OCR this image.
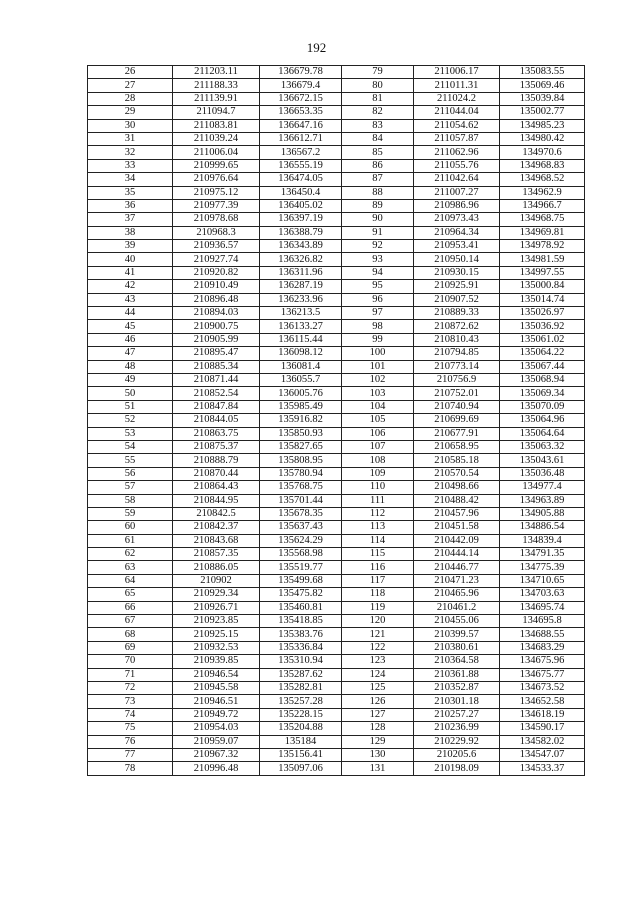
192
26	211203.11	136679.78	79	211006.17	135083.55
27	211188.33	136679.4	80	211011.31	135069.46
28	211139.91	136672.15	81	211024.2	135039.84
29	211094.7	136653.35	82	211044.04	135002.77
30	211083.81	136647.16	83	211054.62	134985.23
31	211039.24	136612.71	84	211057.87	134980.42
32	211006.04	136567.2	85	211062.96	134970.6
33	210999.65	136555.19	86	211055.76	134968.83
34	210976.64	136474.05	87	211042.64	134968.52
35	210975.12	136450.4	88	211007.27	134962.9
36	210977.39	136405.02	89	210986.96	134966.7
37	210978.68	136397.19	90	210973.43	134968.75
38	210968.3	136388.79	91	210964.34	134969.81
39	210936.57	136343.89	92	210953.41	134978.92
40	210927.74	136326.82	93	210950.14	134981.59
41	210920.82	136311.96	94	210930.15	134997.55
42	210910.49	136287.19	95	210925.91	135000.84
43	210896.48	136233.96	96	210907.52	135014.74
44	210894.03	136213.5	97	210889.33	135026.97
45	210900.75	136133.27	98	210872.62	135036.92
46	210905.99	136115.44	99	210810.43	135061.02
47	210895.47	136098.12	100	210794.85	135064.22
48	210885.34	136081.4	101	210773.14	135067.44
49	210871.44	136055.7	102	210756.9	135068.94
50	210852.54	136005.76	103	210752.01	135069.34
51	210847.84	135985.49	104	210740.94	135070.09
52	210844.05	135916.82	105	210699.69	135064.96
53	210863.75	135850.93	106	210677.91	135064.64
54	210875.37	135827.65	107	210658.95	135063.32
55	210888.79	135808.95	108	210585.18	135043.61
56	210870.44	135780.94	109	210570.54	135036.48
57	210864.43	135768.75	110	210498.66	134977.4
58	210844.95	135701.44	111	210488.42	134963.89
59	210842.5	135678.35	112	210457.96	134905.88
60	210842.37	135637.43	113	210451.58	134886.54
61	210843.68	135624.29	114	210442.09	134839.4
62	210857.35	135568.98	115	210444.14	134791.35
63	210886.05	135519.77	116	210446.77	134775.39
64	210902	135499.68	117	210471.23	134710.65
65	210929.34	135475.82	118	210465.96	134703.63
66	210926.71	135460.81	119	210461.2	134695.74
67	210923.85	135418.85	120	210455.06	134695.8
68	210925.15	135383.76	121	210399.57	134688.55
69	210932.53	135336.84	122	210380.61	134683.29
70	210939.85	135310.94	123	210364.58	134675.96
71	210946.54	135287.62	124	210361.88	134675.77
72	210945.58	135282.81	125	210352.87	134673.52
73	210946.51	135257.28	126	210301.18	134652.58
74	210949.72	135228.15	127	210257.27	134618.19
75	210954.03	135204.88	128	210236.99	134590.17
76	210959.07	135184	129	210229.92	134582.02
77	210967.32	135156.41	130	210205.6	134547.07
78	210996.48	135097.06	131	210198.09	134533.37
